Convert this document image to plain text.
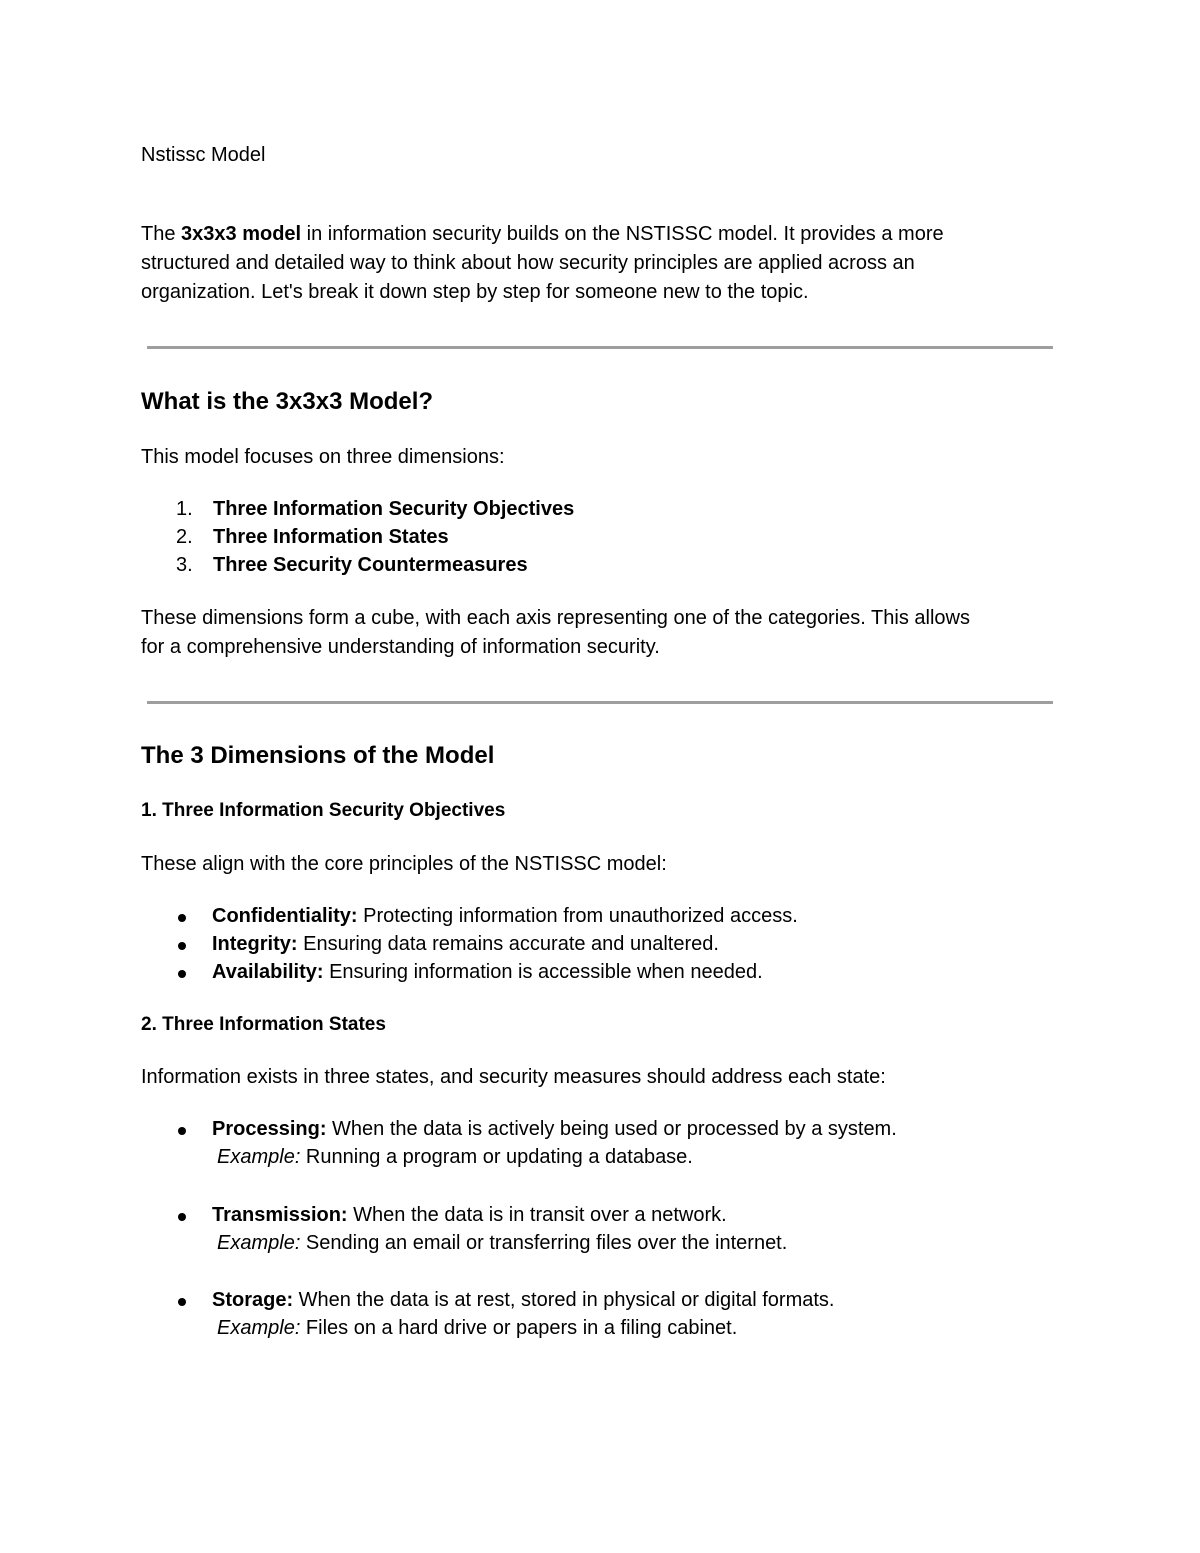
Nstissc Model

The 3x3x3 model in information security builds on the NSTISSC model. It provides a more
structured and detailed way to think about how security principles are applied across an
organization. Let's break it down step by step for someone new to the topic.

What is the 3x3x3 Model?

This model focuses on three dimensions:

1. Three Information Security Objectives

2. Three Information States

3. Three Security Countermeasures

These dimensions form a cube, with each axis representing one of the categories. This allows
for a comprehensive understanding of information security.

The 3 Dimensions of the Model

1. Three Information Security Objectives

These align with the core principles of the NSTISSC model:

Confidentiality: Protecting information from unauthorized access.

Integrity: Ensuring data remains accurate and unaltered.

Availability: Ensuring information is accessible when needed.

2. Three Information States

Information exists in three states, and security measures should address each state:

Processing: When the data is actively being used or processed by a system.

Example: Running a program or updating a database.

Transmission: When the data is in transit over a network.

Example: Sending an email or transferring files over the internet.

Storage: When the data is at rest, stored in physical or digital formats.

Example: Files on a hard drive or papers in a filing cabinet.
